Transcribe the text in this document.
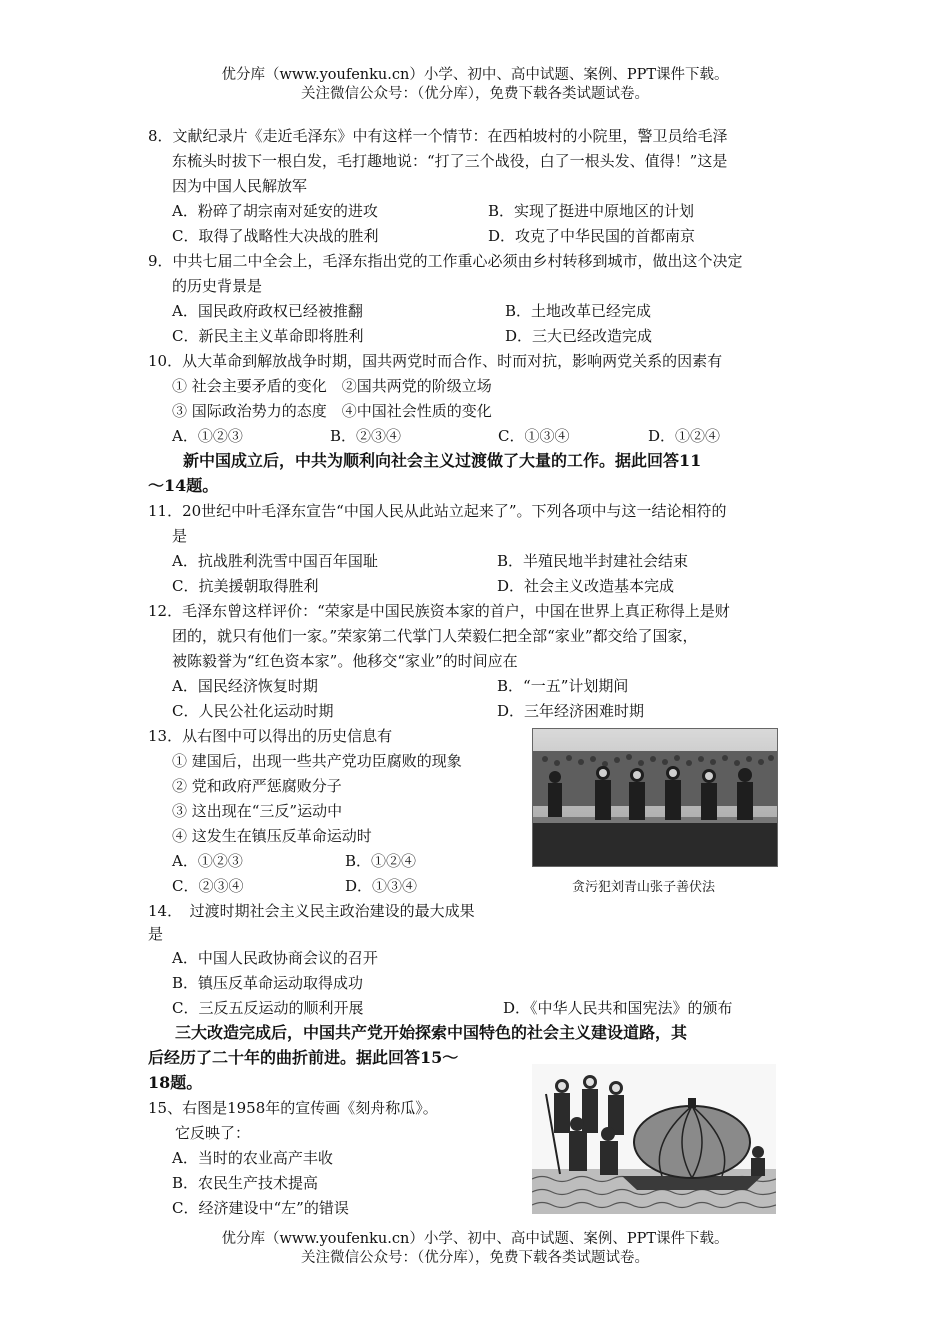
优分库（www.youfenku.cn）小学、初中、高中试题、案例、PPT课件下载。
关注微信公众号：（优分库），免费下载各类试题试卷。
8．文献纪录片《走近毛泽东》中有这样一个情节：在西柏坡村的小院里，警卫员给毛泽
东梳头时拔下一根白发，毛打趣地说：“打了三个战役，白了一根头发、值得！”这是
因为中国人民解放军
A．粉碎了胡宗南对延安的进攻	B．实现了挺进中原地区的计划
C．取得了战略性大决战的胜利	D．攻克了中华民国的首都南京
9．中共七届二中全会上，毛泽东指出党的工作重心必须由乡村转移到城市，做出这个决定
的历史背景是
A．国民政府政权已经被推翻	B．土地改革已经完成
C．新民主主义革命即将胜利	D．三大已经改造完成
10．从大革命到解放战争时期，国共两党时而合作、时而对抗，影响两党关系的因素有
① 社会主要矛盾的变化　②国共两党的阶级立场
③ 国际政治势力的态度　④中国社会性质的变化
A．①②③	B．②③④	C．①③④	D．①②④
新中国成立后，中共为顺利向社会主义过渡做了大量的工作。据此回答11
～14题。
11．20世纪中叶毛泽东宣告“中国人民从此站立起来了”。下列各项中与这一结论相符的
是
A．抗战胜利洗雪中国百年国耻	B．半殖民地半封建社会结束
C．抗美援朝取得胜利	D．社会主义改造基本完成
12．毛泽东曾这样评价：“荣家是中国民族资本家的首户，中国在世界上真正称得上是财
团的，就只有他们一家。”荣家第二代掌门人荣毅仁把全部“家业”都交给了国家，
被陈毅誉为“红色资本家”。他移交“家业”的时间应在
A．国民经济恢复时期	B．“一五”计划期间
C．人民公社化运动时期	D．三年经济困难时期
13．从右图中可以得出的历史信息有
① 建国后，出现一些共产党功臣腐败的现象
② 党和政府严惩腐败分子
③ 这出现在“三反”运动中
④ 这发生在镇压反革命运动时
A．①②③	B．①②④
C．②③④	D．①③④	贪污犯刘青山张子善伏法
14．　过渡时期社会主义民主政治建设的最大成果
是
A．中国人民政协商会议的召开
B．镇压反革命运动取得成功
C．三反五反运动的顺利开展	D．《中华人民共和国宪法》的颁布
三大改造完成后，中国共产党开始探索中国特色的社会主义建设道路，其
后经历了二十年的曲折前进。据此回答15～
18题。
15、右图是1958年的宣传画《刻舟称瓜》。
它反映了：
A．当时的农业高产丰收
B．农民生产技术提高
C．经济建设中“左”的错误
优分库（www.youfenku.cn）小学、初中、高中试题、案例、PPT课件下载。
关注微信公众号：（优分库），免费下载各类试题试卷。
